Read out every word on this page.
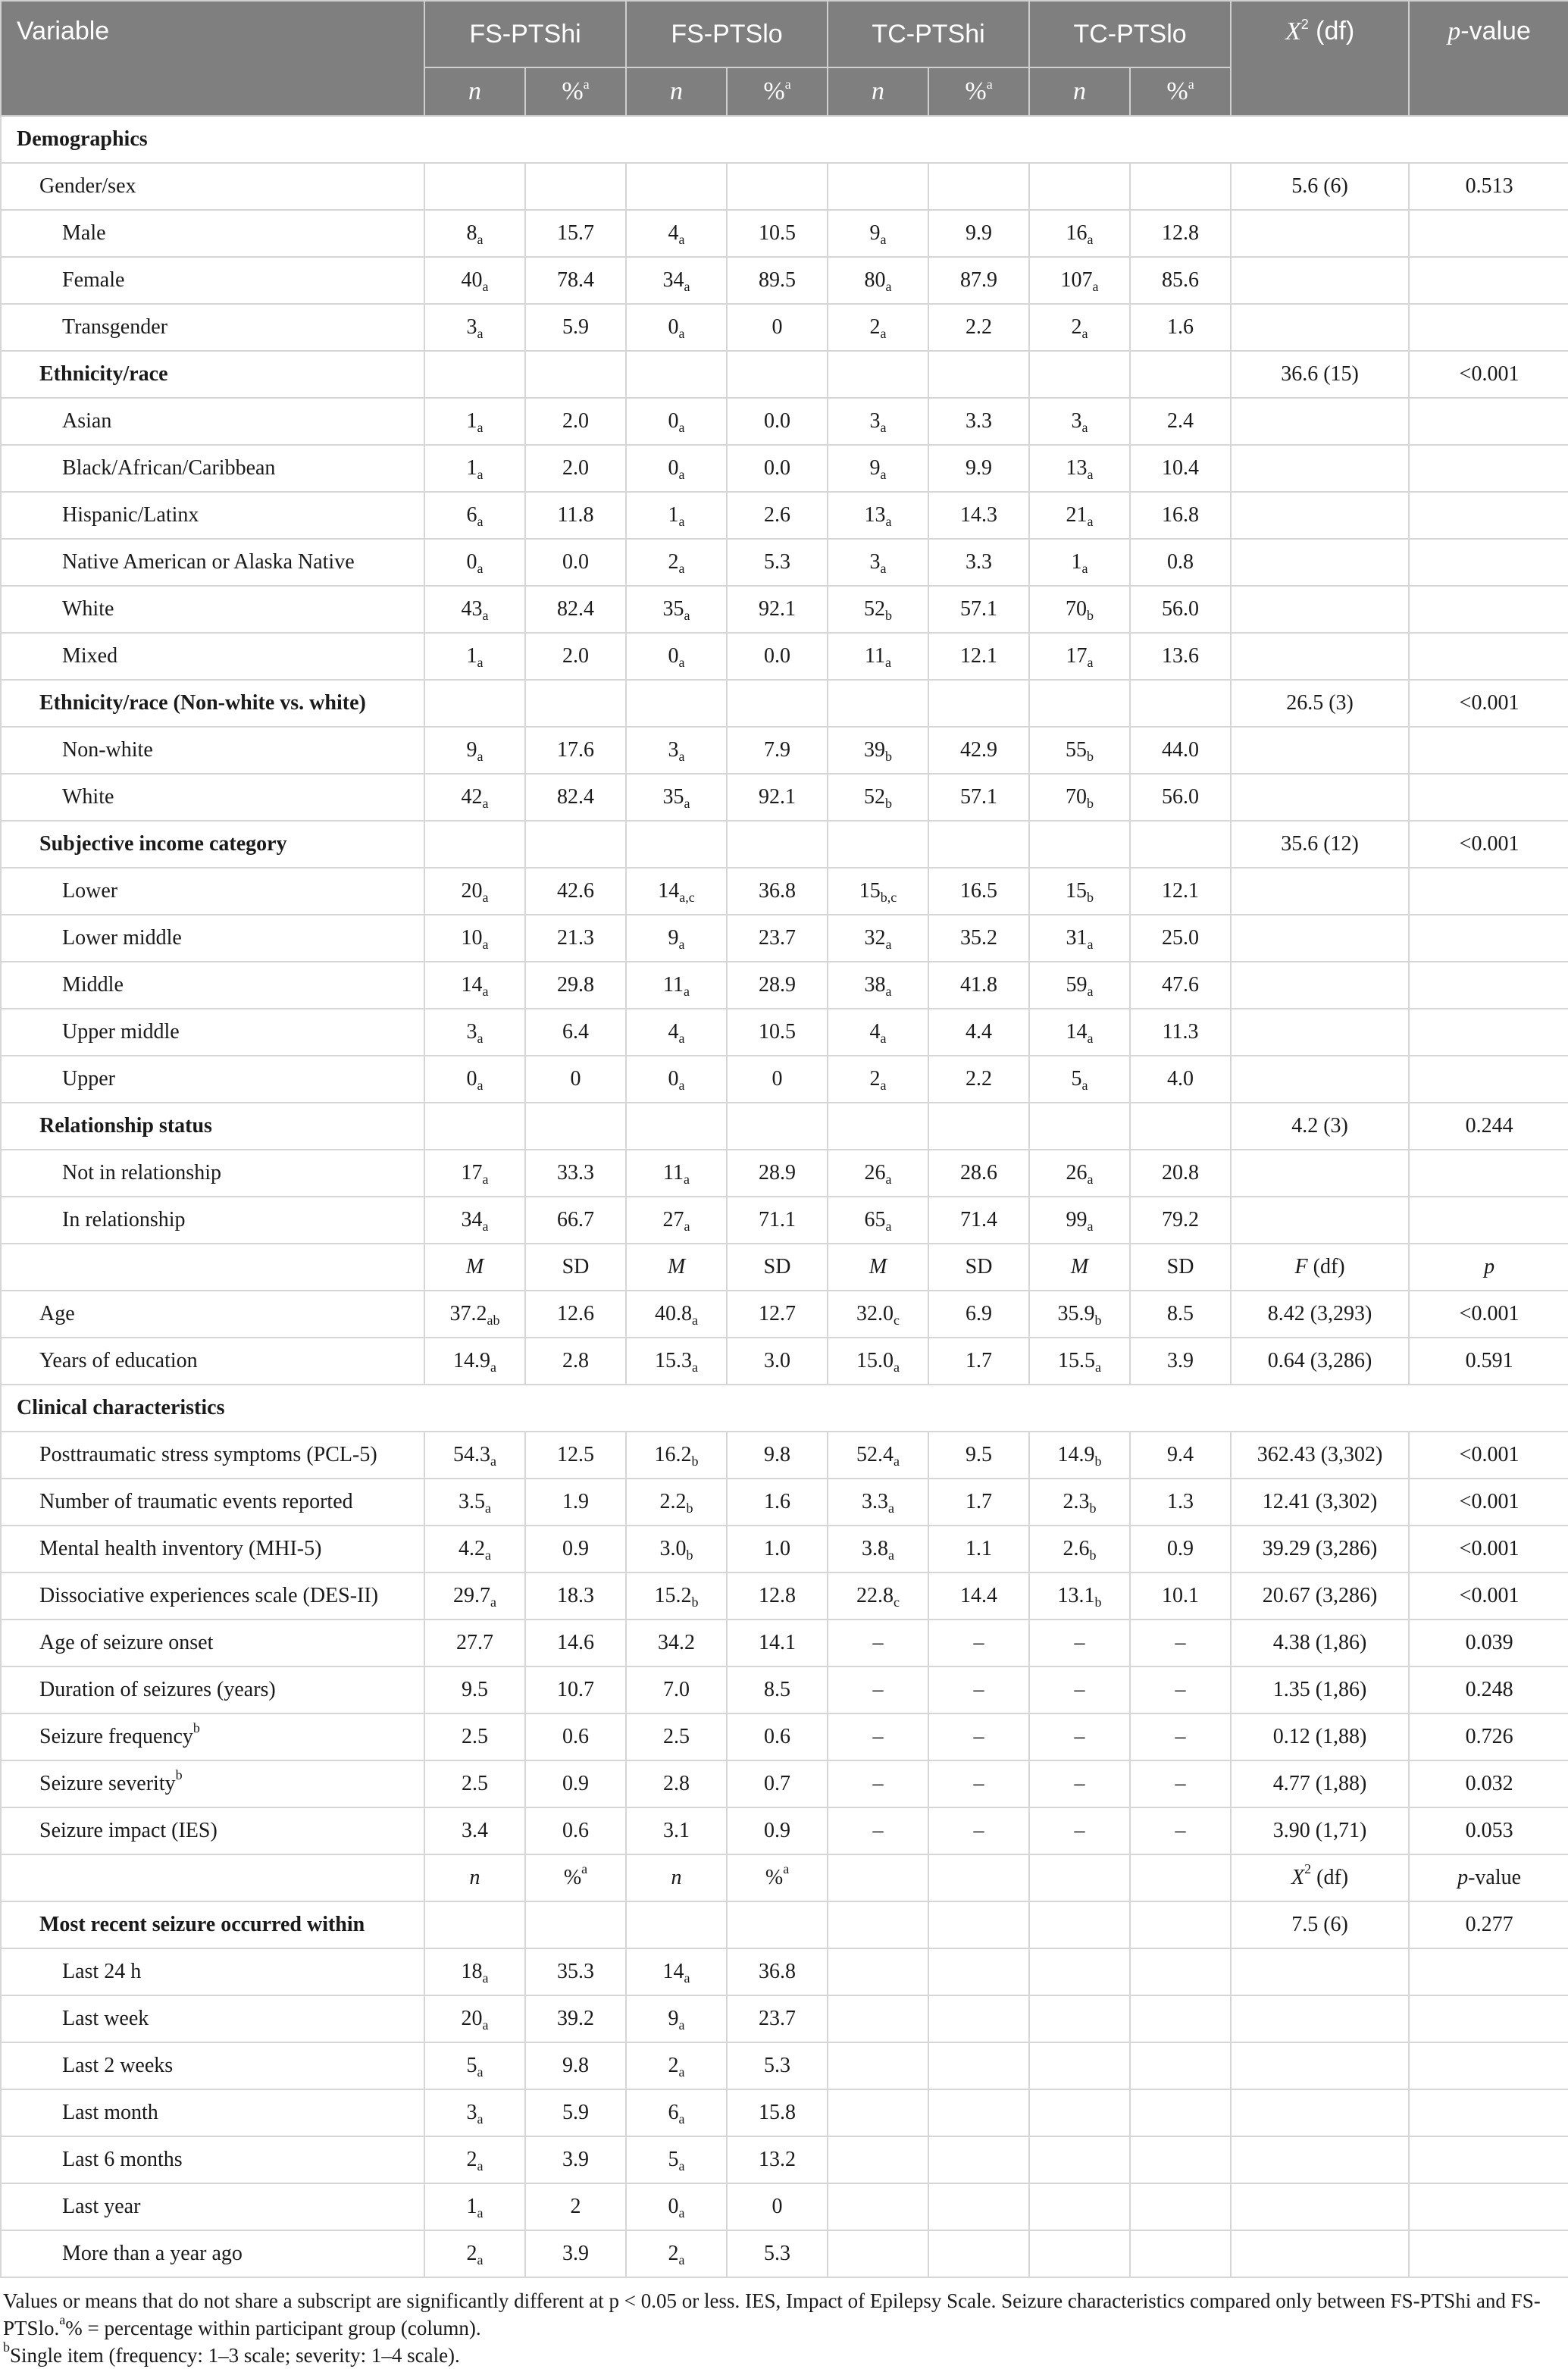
Variable	FS-PTShi		FS-PTSlo		TC-PTShi		TC-PTSlo		$X^2$ (df)	p-value
	n	%$^a$	n	%$^a$	n	%$^a$	n	%$^a$
Demographics										
Gender/sex									5.6 (6)	0.513
Male	$8_a$	15.7	$4_a$	10.5	$9_a$	9.9	$16_a$	12.8		
Female	$40_a$	78.4	$34_a$	89.5	$80_a$	87.9	$107_a$	85.6		
Transgender	$3_a$	5.9	$0_a$	0	$2_a$	2.2	$2_a$	1.6		
Ethnicity/race									36.6 (15)	<0.001
Asian	$1_a$	2.0	$0_a$	0.0	$3_a$	3.3	$3_a$	2.4		
Black/African/Caribbean	$1_a$	2.0	$0_a$	0.0	$9_a$	9.9	$13_a$	10.4		
Hispanic/Latinx	$6_a$	11.8	$1_a$	2.6	$13_a$	14.3	$21_a$	16.8		
Native American or Alaska Native	$0_a$	0.0	$2_a$	5.3	$3_a$	3.3	$1_a$	0.8		
White	$43_a$	82.4	$35_a$	92.1	$52_b$	57.1	$70_b$	56.0		
Mixed	$1_a$	2.0	$0_a$	0.0	$11_a$	12.1	$17_a$	13.6		
Ethnicity/race (Non-white vs. white)									26.5 (3)	<0.001
Non-white	$9_a$	17.6	$3_a$	7.9	$39_b$	42.9	$55_b$	44.0		
White	$42_a$	82.4	$35_a$	92.1	$52_b$	57.1	$70_b$	56.0		
Subjective income category									35.6 (12)	<0.001
Lower	$20_a$	42.6	$14_{a,c}$	36.8	$15_{b,c}$	16.5	$15_b$	12.1		
Lower middle	$10_a$	21.3	$9_a$	23.7	$32_a$	35.2	$31_a$	25.0		
Middle	$14_a$	29.8	$11_a$	28.9	$38_a$	41.8	$59_a$	47.6		
Upper middle	$3_a$	6.4	$4_a$	10.5	$4_a$	4.4	$14_a$	11.3		
Upper	$0_a$	0	$0_a$	0	$2_a$	2.2	$5_a$	4.0		
Relationship status									4.2 (3)	0.244
Not in relationship	$17_a$	33.3	$11_a$	28.9	$26_a$	28.6	$26_a$	20.8		
In relationship	$34_a$	66.7	$27_a$	71.1	$65_a$	71.4	$99_a$	79.2		
	M	SD	M	SD	M	SD	M	SD	F (df)	p
Age	$37.2_{ab}$	12.6	$40.8_a$	12.7	$32.0_c$	6.9	$35.9_b$	8.5	8.42 (3,293)	<0.001
Years of education	$14.9_a$	2.8	$15.3_a$	3.0	$15.0_a$	1.7	$15.5_a$	3.9	0.64 (3,286)	0.591
Clinical characteristics										
Posttraumatic stress symptoms (PCL-5)	$54.3_a$	12.5	$16.2_b$	9.8	$52.4_a$	9.5	$14.9_b$	9.4	362.43 (3,302)	<0.001
Number of traumatic events reported	$3.5_a$	1.9	$2.2_b$	1.6	$3.3_a$	1.7	$2.3_b$	1.3	12.41 (3,302)	<0.001
Mental health inventory (MHI-5)	$4.2_a$	0.9	$3.0_b$	1.0	$3.8_a$	1.1	$2.6_b$	0.9	39.29 (3,286)	<0.001
Dissociative experiences scale (DES-II)	$29.7_a$	18.3	$15.2_b$	12.8	$22.8_c$	14.4	$13.1_b$	10.1	20.67 (3,286)	<0.001
Age of seizure onset	27.7	14.6	34.2	14.1	–	–	–	–	4.38 (1,86)	0.039
Duration of seizures (years)	9.5	10.7	7.0	8.5	–	–	–	–	1.35 (1,86)	0.248
Seizure frequency$^b$	2.5	0.6	2.5	0.6	–	–	–	–	0.12 (1,88)	0.726
Seizure severity$^b$	2.5	0.9	2.8	0.7	–	–	–	–	4.77 (1,88)	0.032
Seizure impact (IES)	3.4	0.6	3.1	0.9	–	–	–	–	3.90 (1,71)	0.053
	n	%$^a$	n	%$^a$					$X^2$ (df)	p-value
Most recent seizure occurred within									7.5 (6)	0.277
Last 24 h	$18_a$	35.3	$14_a$	36.8						
Last week	$20_a$	39.2	$9_a$	23.7						
Last 2 weeks	$5_a$	9.8	$2_a$	5.3						
Last month	$3_a$	5.9	$6_a$	15.8						
Last 6 months	$2_a$	3.9	$5_a$	13.2						
Last year	$1_a$	2	$0_a$	0						
More than a year ago	$2_a$	3.9	$2_a$	5.3						

Values or means that do not share a subscript are significantly different at p < 0.05 or less. IES, Impact of Epilepsy Scale. Seizure characteristics compared only between FS-PTShi and FS-PTSlo.$^a$% = percentage within participant group (column).

$^b$Single item (frequency: 1–3 scale; severity: 1–4 scale).
